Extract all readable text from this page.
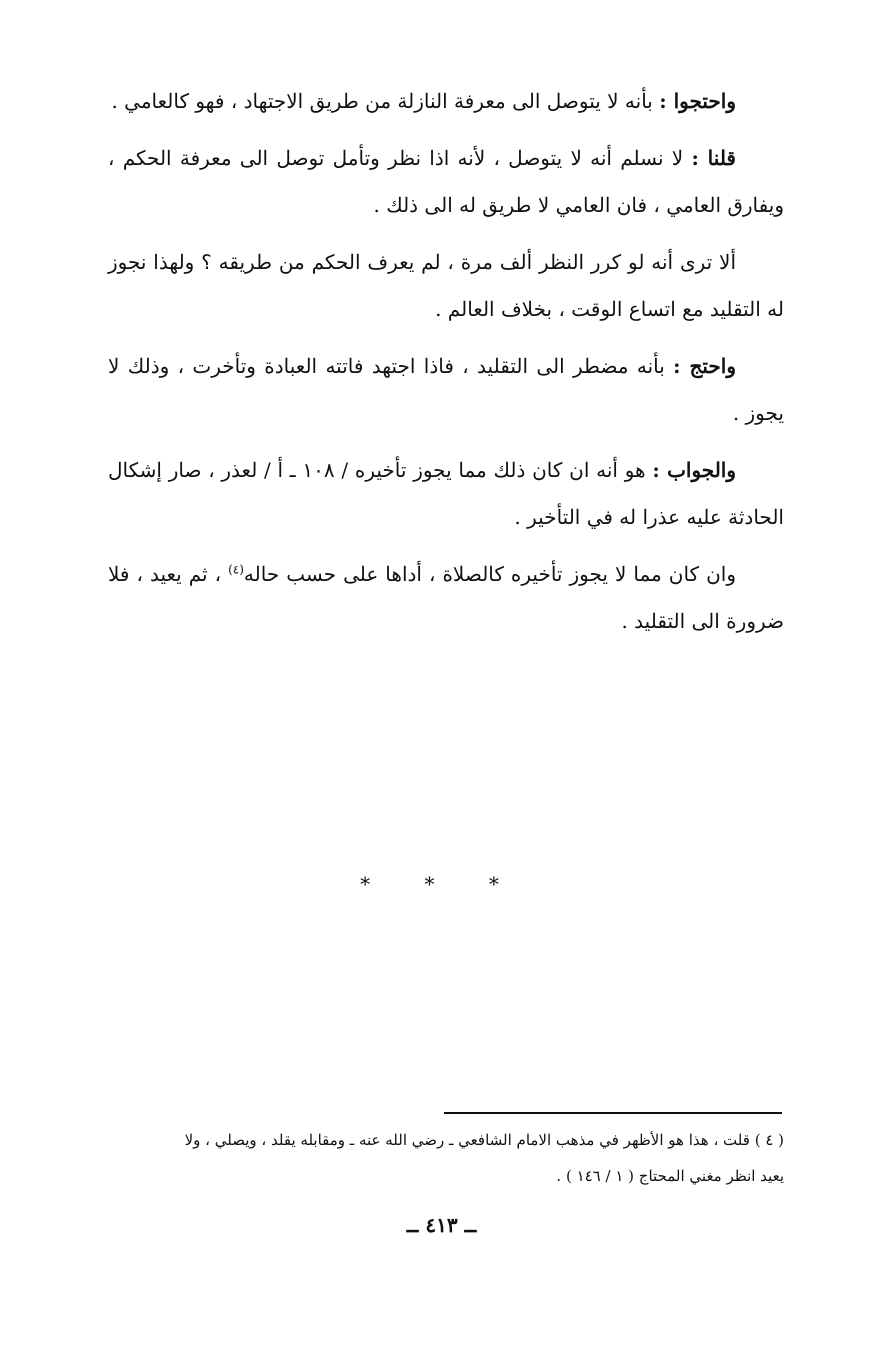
واحتجوا : بأنه لا يتوصل الى معرفة النازلة من طريق الاجتهاد ، فهو كالعامي .

قلنا : لا نسلم أنه لا يتوصل ، لأنه اذا نظر وتأمل توصل الى معرفة الحكم ، ويفارق العامي ، فان العامي لا طريق له الى ذلك .

ألا ترى أنه لو كرر النظر ألف مرة ، لم يعرف الحكم من طريقه ؟ ولهذا نجوز له التقليد مع اتساع الوقت ، بخلاف العالم .

واحتج : بأنه مضطر الى التقليد ، فاذا اجتهد فاتته العبادة وتأخرت ، وذلك لا يجوز .

والجواب : هو أنه ان كان ذلك مما يجوز تأخيره / ١٠٨ ـ أ / لعذر ، صار إشكال الحادثة عليه عذرا له في التأخير .

وان كان مما لا يجوز تأخيره كالصلاة ، أداها على حسب حاله$^{(٤)}$ ، ثم يعيد ، فلا ضرورة الى التقليد .

* * *

( ٤ ) قلت ، هذا هو الأظهر في مذهب الامام الشافعي ـ رضي الله عنه ـ ومقابله يقلد ، ويصلي ، ولا

يعيد انظر مغني المحتاج ( ١ / ١٤٦ ) .

ــ ٤١٣ ــ
